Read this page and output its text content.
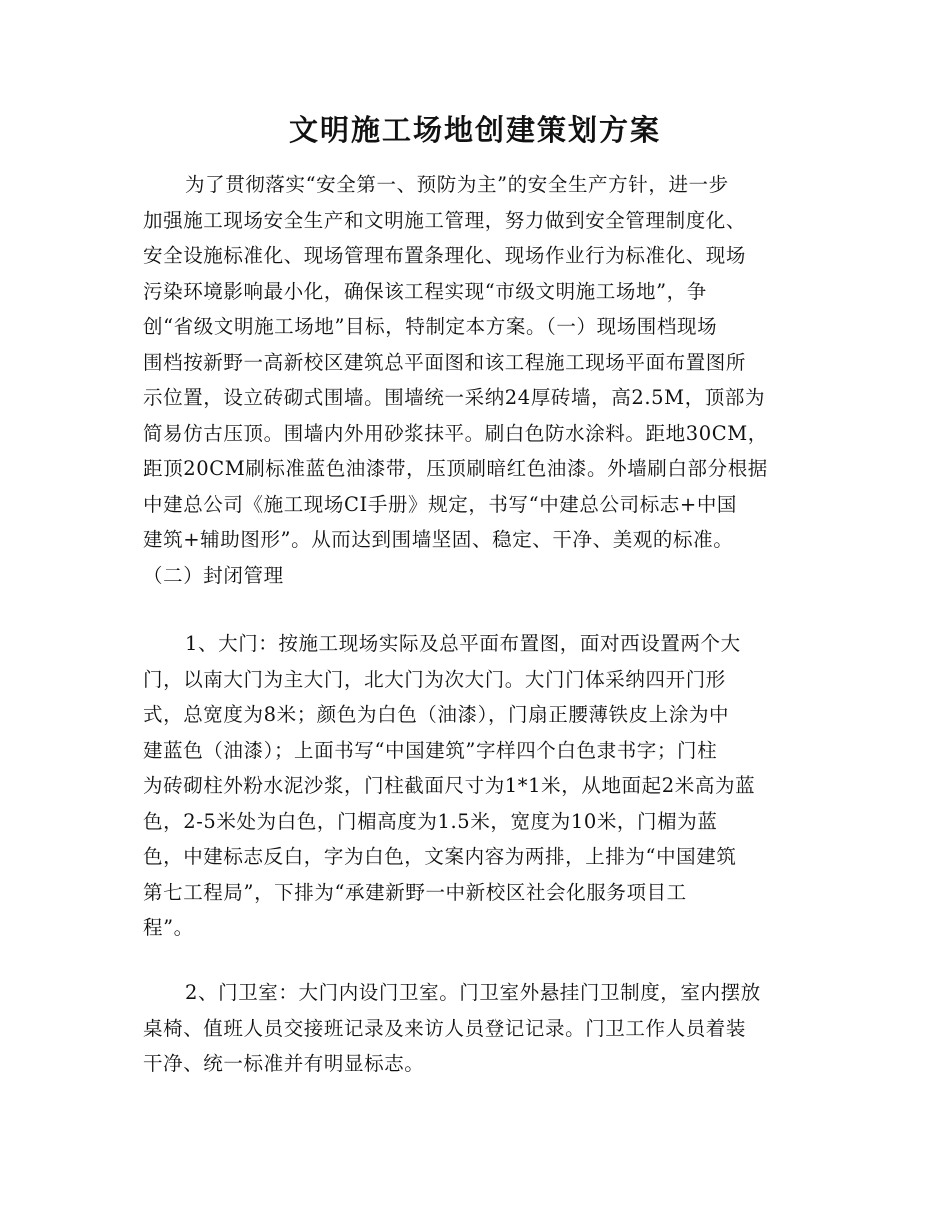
文明施工场地创建策划方案
为了贯彻落实“安全第一、预防为主”的安全生产方针，进一步
加强施工现场安全生产和文明施工管理，努力做到安全管理制度化、
安全设施标准化、现场管理布置条理化、现场作业行为标准化、现场
污染环境影响最小化，确保该工程实现“市级文明施工场地”，争
创“省级文明施工场地”目标，特制定本方案。（一）现场围档现场
围档按新野一高新校区建筑总平面图和该工程施工现场平面布置图所
示位置，设立砖砌式围墙。围墙统一采纳24厚砖墙，高2.5M，顶部为
简易仿古压顶。围墙内外用砂浆抹平。刷白色防水涂料。距地30CM，
距顶20CM刷标准蓝色油漆带，压顶刷暗红色油漆。外墙刷白部分根据
中建总公司《施工现场CI手册》规定，书写“中建总公司标志+中国
建筑+辅助图形”。从而达到围墙坚固、稳定、干净、美观的标准。
（二）封闭管理
1、大门：按施工现场实际及总平面布置图，面对西设置两个大
门，以南大门为主大门，北大门为次大门。大门门体采纳四开门形
式，总宽度为8米；颜色为白色（油漆），门扇正腰薄铁皮上涂为中
建蓝色（油漆）；上面书写“中国建筑”字样四个白色隶书字；门柱
为砖砌柱外粉水泥沙浆，门柱截面尺寸为1*1米，从地面起2米高为蓝
色，2-5米处为白色，门楣高度为1.5米，宽度为10米，门楣为蓝
色，中建标志反白，字为白色，文案内容为两排，上排为“中国建筑
第七工程局”，下排为“承建新野一中新校区社会化服务项目工
程”。
2、门卫室：大门内设门卫室。门卫室外悬挂门卫制度，室内摆放
桌椅、值班人员交接班记录及来访人员登记记录。门卫工作人员着装
干净、统一标准并有明显标志。
